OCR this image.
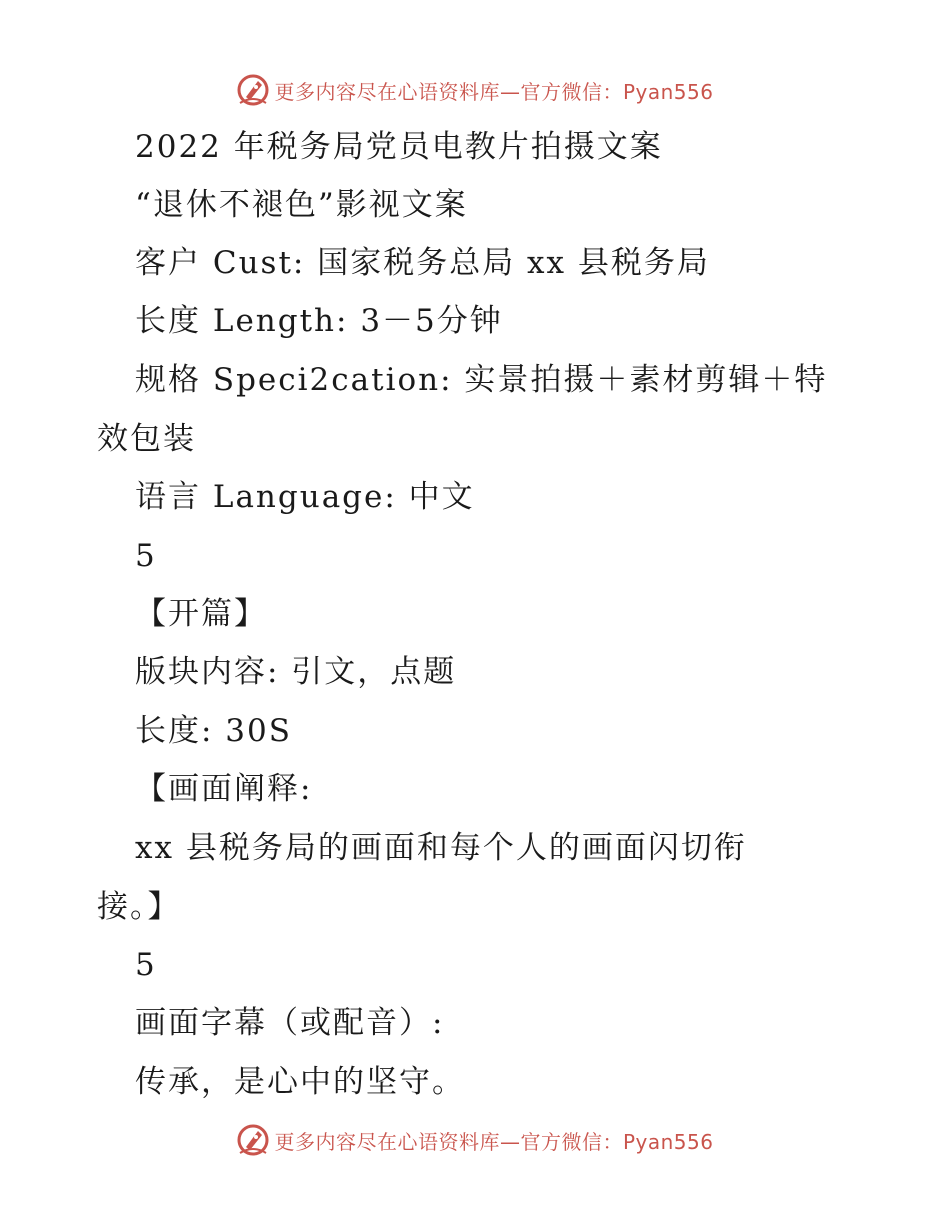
更多内容尽在心语资料库—官方微信：Pyan556
2022 年税务局党员电教片拍摄文案
“退休不褪色”影视文案
客户 Cust: 国家税务总局 xx 县税务局
长度 Length: 3－5分钟
规格 Speci2cation: 实景拍摄＋素材剪辑＋特
效包装
语言 Language: 中文
5
【开篇】
版块内容: 引文，点题
长度: 30S
【画面阐释:
xx 县税务局的画面和每个人的画面闪切衔
接。】
5
画面字幕（或配音）:
传承，是心中的坚守。
更多内容尽在心语资料库—官方微信：Pyan556
